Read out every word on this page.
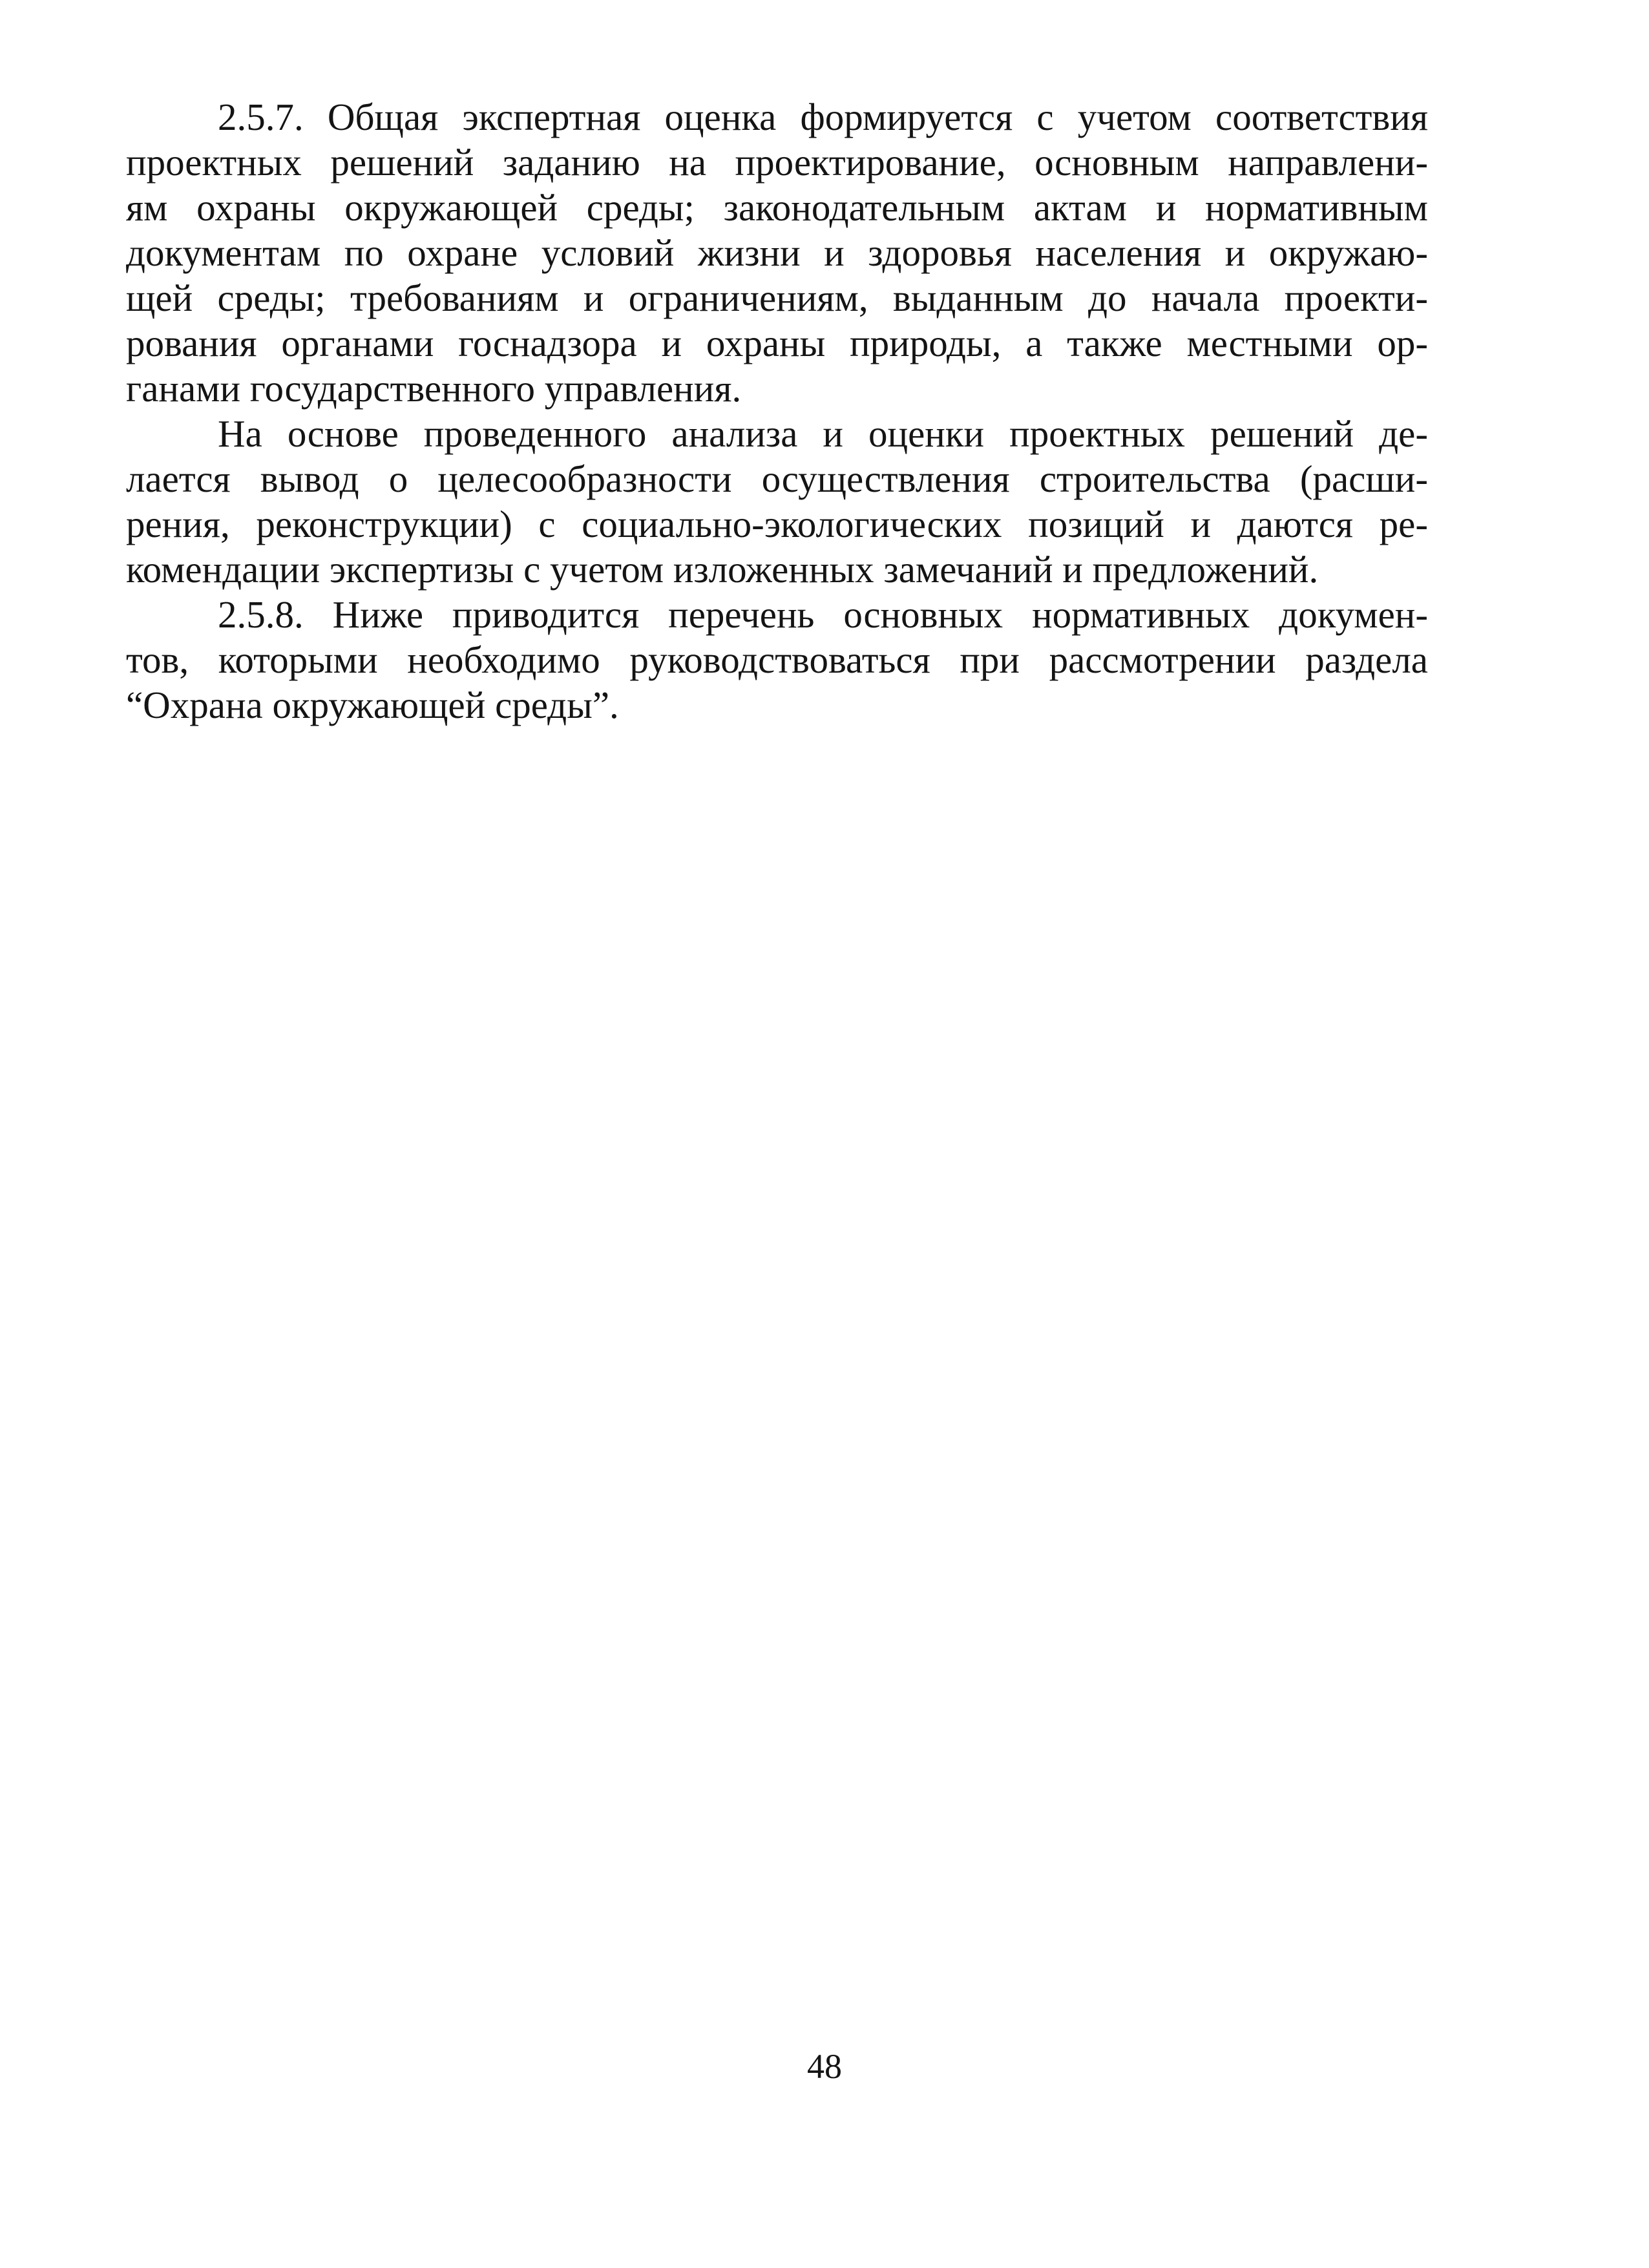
2.5.7. Общая экспертная оценка формируется с учетом соответствия
проектных решений заданию на проектирование, основным направлени-
ям охраны окружающей среды; законодательным актам и нормативным
документам по охране условий жизни и здоровья населения и окружаю-
щей среды; требованиям и ограничениям, выданным до начала проекти-
рования органами госнадзора и охраны природы, а также местными ор-
ганами государственного управления.

На основе проведенного анализа и оценки проектных решений де-
лается вывод о целесообразности осуществления строительства (расши-
рения, реконструкции) с социально-экологических позиций и даются ре-
комендации экспертизы с учетом изложенных замечаний и предложений.

2.5.8. Ниже приводится перечень основных нормативных докумен-
тов, которыми необходимо руководствоваться при рассмотрении раздела
“Охрана окружающей среды”.

48
